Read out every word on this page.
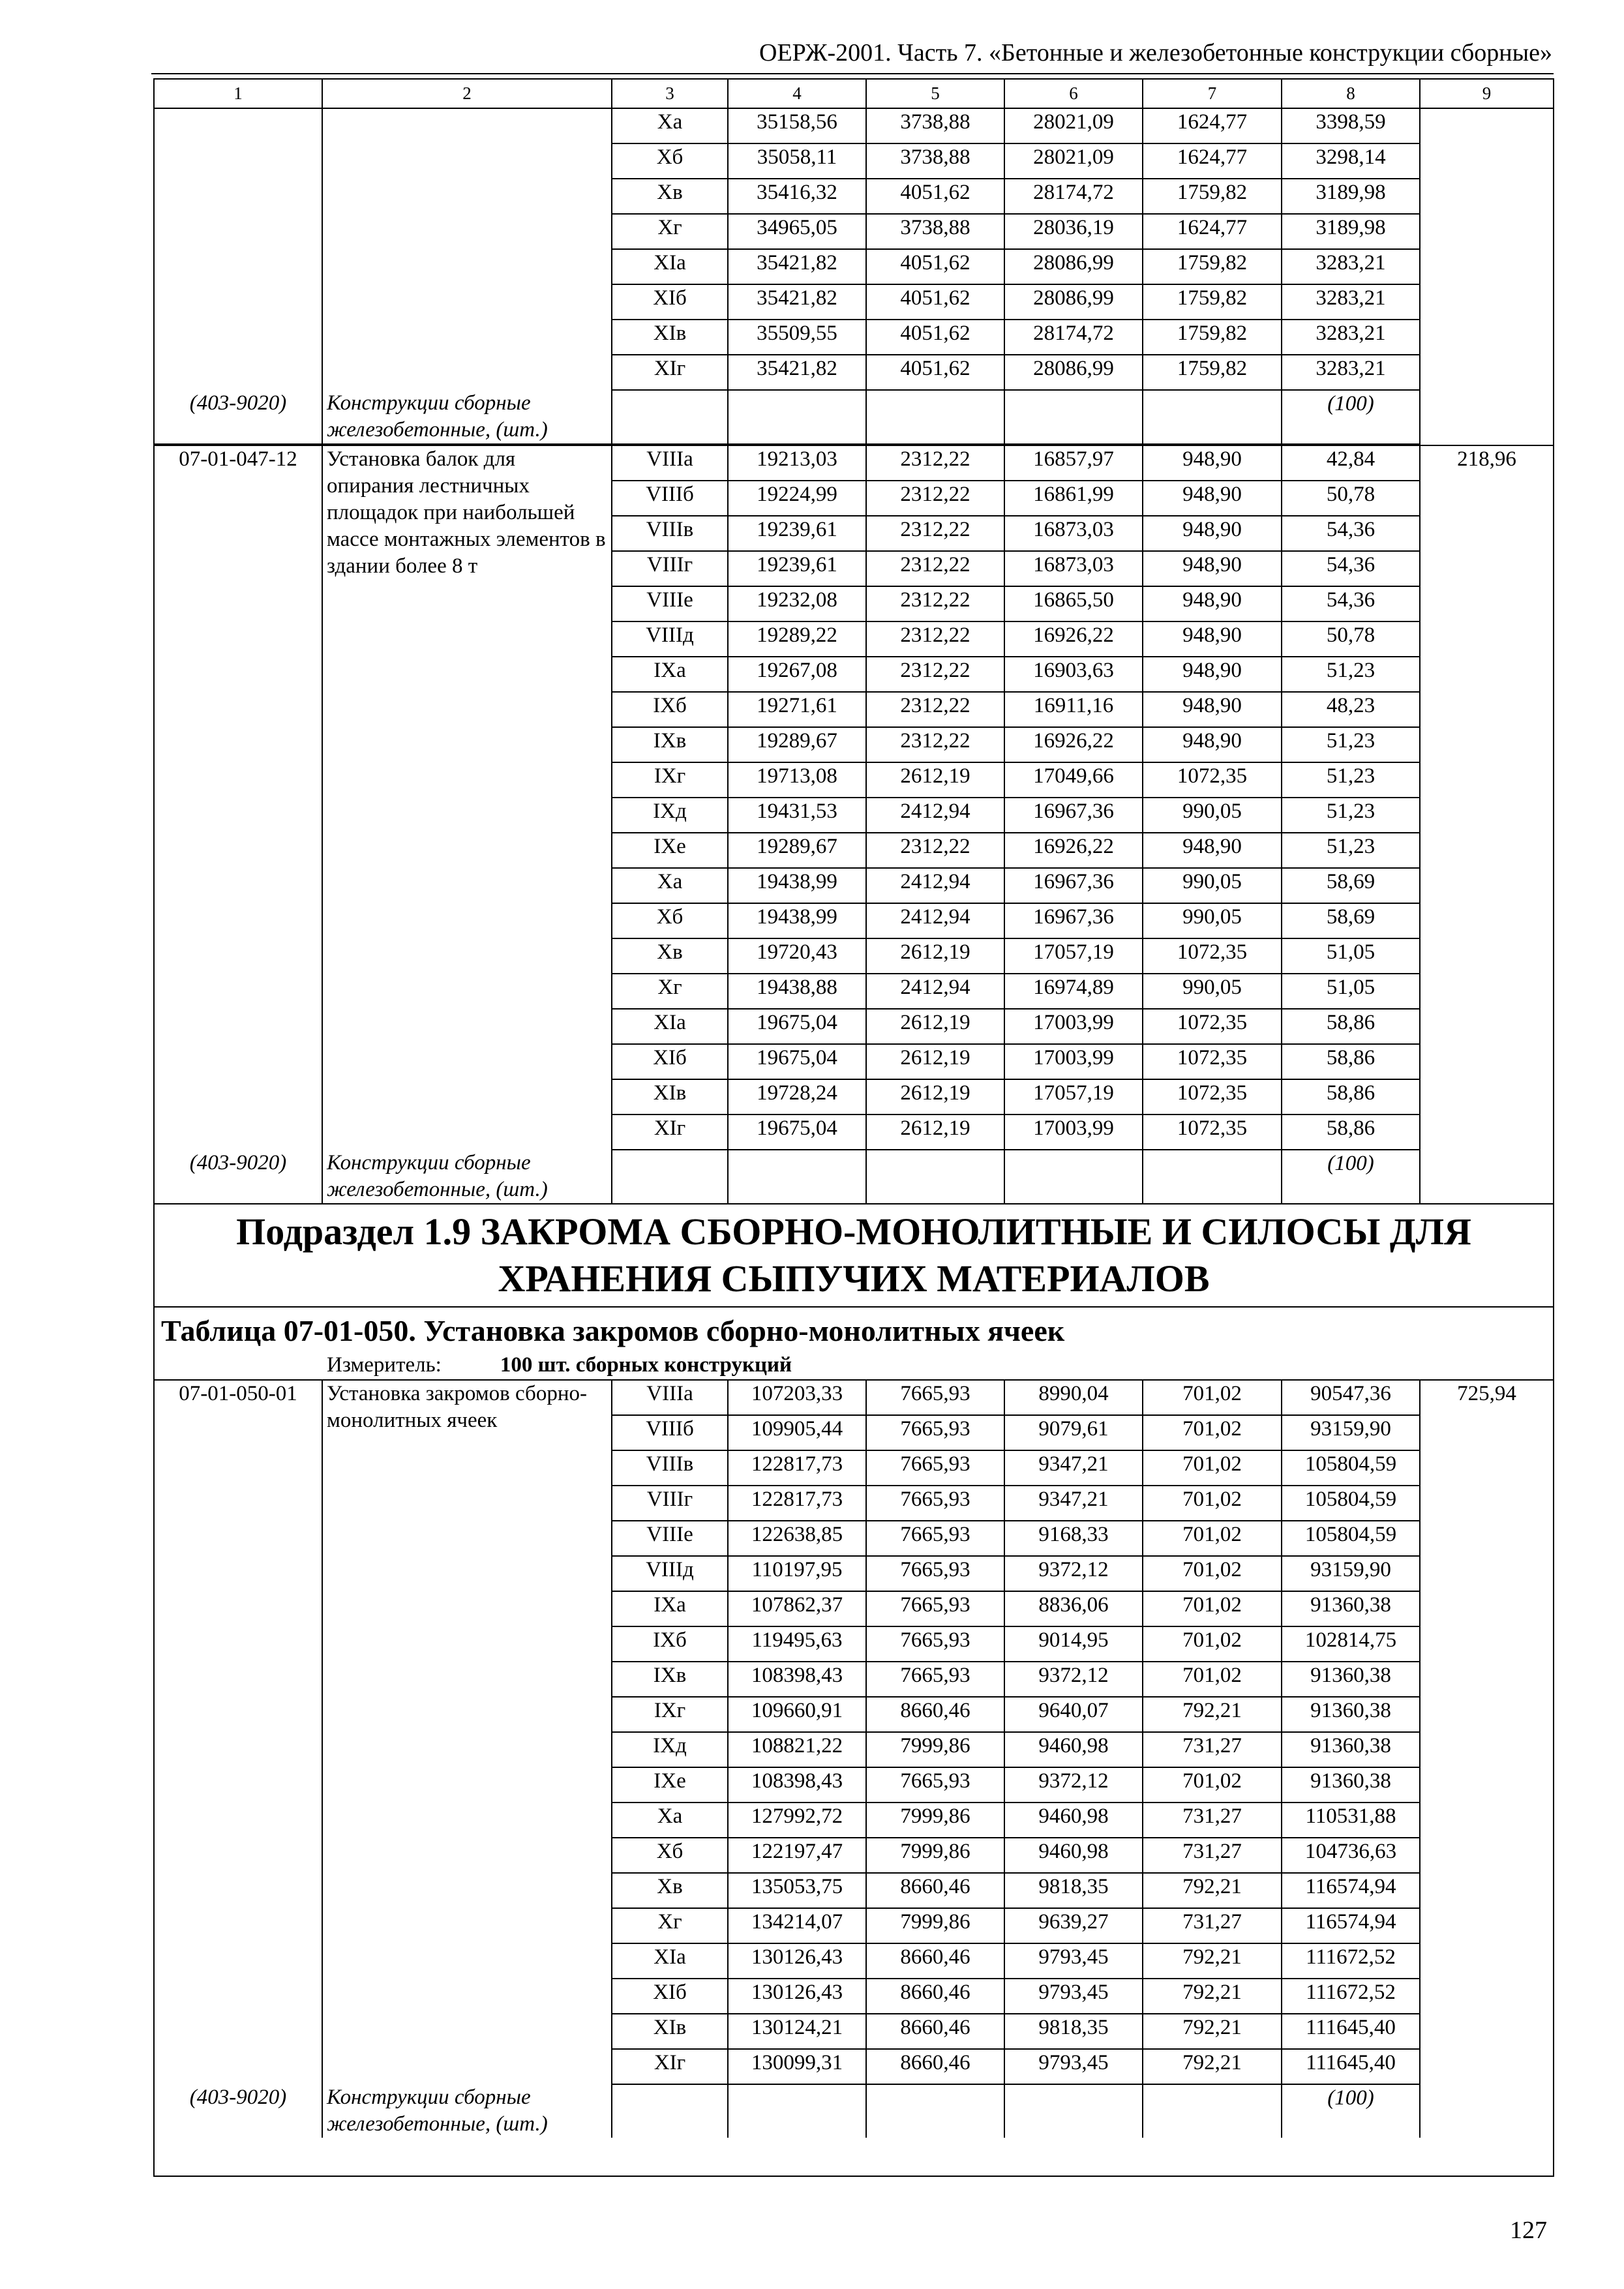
ОЕРЖ-2001. Часть 7. «Бетонные и железобетонные конструкции сборные»
1	2	3	4	5	6	7	8	9
		Xa	35158,56	3738,88	28021,09	1624,77	3398,59	
		Xб	35058,11	3738,88	28021,09	1624,77	3298,14	
		Xв	35416,32	4051,62	28174,72	1759,82	3189,98	
		Xг	34965,05	3738,88	28036,19	1624,77	3189,98	
		XIa	35421,82	4051,62	28086,99	1759,82	3283,21	
		XIб	35421,82	4051,62	28086,99	1759,82	3283,21	
		XIв	35509,55	4051,62	28174,72	1759,82	3283,21	
		XIг	35421,82	4051,62	28086,99	1759,82	3283,21	
(403-9020)	Конструкции сборные железобетонные, (шт.)						(100)	
07-01-047-12	Установка балок для опирания лестничных площадок при наибольшей массе монтажных элементов в здании более 8 т	VIIIa	19213,03	2312,22	16857,97	948,90	42,84	218,96
		VIIIб	19224,99	2312,22	16861,99	948,90	50,78	
		VIIIв	19239,61	2312,22	16873,03	948,90	54,36	
		VIIIг	19239,61	2312,22	16873,03	948,90	54,36	
		VIIIe	19232,08	2312,22	16865,50	948,90	54,36	
		VIIIд	19289,22	2312,22	16926,22	948,90	50,78	
		IXa	19267,08	2312,22	16903,63	948,90	51,23	
		IXб	19271,61	2312,22	16911,16	948,90	48,23	
		IXв	19289,67	2312,22	16926,22	948,90	51,23	
		IXг	19713,08	2612,19	17049,66	1072,35	51,23	
		IXд	19431,53	2412,94	16967,36	990,05	51,23	
		IXe	19289,67	2312,22	16926,22	948,90	51,23	
		Xa	19438,99	2412,94	16967,36	990,05	58,69	
		Xб	19438,99	2412,94	16967,36	990,05	58,69	
		Xв	19720,43	2612,19	17057,19	1072,35	51,05	
		Xг	19438,88	2412,94	16974,89	990,05	51,05	
		XIa	19675,04	2612,19	17003,99	1072,35	58,86	
		XIб	19675,04	2612,19	17003,99	1072,35	58,86	
		XIв	19728,24	2612,19	17057,19	1072,35	58,86	
		XIг	19675,04	2612,19	17003,99	1072,35	58,86	
(403-9020)	Конструкции сборные железобетонные, (шт.)						(100)	
Подраздел 1.9 ЗАКРОМА СБОРНО-МОНОЛИТНЫЕ И СИЛОСЫ ДЛЯ
ХРАНЕНИЯ СЫПУЧИХ МАТЕРИАЛОВ
Таблица 07-01-050. Установка закромов сборно-монолитных ячеек
Измеритель:	100 шт. сборных конструкций
07-01-050-01	Установка закромов сборно-монолитных ячеек	VIIIa	107203,33	7665,93	8990,04	701,02	90547,36	725,94
		VIIIб	109905,44	7665,93	9079,61	701,02	93159,90	
		VIIIв	122817,73	7665,93	9347,21	701,02	105804,59	
		VIIIг	122817,73	7665,93	9347,21	701,02	105804,59	
		VIIIe	122638,85	7665,93	9168,33	701,02	105804,59	
		VIIIд	110197,95	7665,93	9372,12	701,02	93159,90	
		IXa	107862,37	7665,93	8836,06	701,02	91360,38	
		IXб	119495,63	7665,93	9014,95	701,02	102814,75	
		IXв	108398,43	7665,93	9372,12	701,02	91360,38	
		IXг	109660,91	8660,46	9640,07	792,21	91360,38	
		IXд	108821,22	7999,86	9460,98	731,27	91360,38	
		IXe	108398,43	7665,93	9372,12	701,02	91360,38	
		Xa	127992,72	7999,86	9460,98	731,27	110531,88	
		Xб	122197,47	7999,86	9460,98	731,27	104736,63	
		Xв	135053,75	8660,46	9818,35	792,21	116574,94	
		Xг	134214,07	7999,86	9639,27	731,27	116574,94	
		XIa	130126,43	8660,46	9793,45	792,21	111672,52	
		XIб	130126,43	8660,46	9793,45	792,21	111672,52	
		XIв	130124,21	8660,46	9818,35	792,21	111645,40	
		XIг	130099,31	8660,46	9793,45	792,21	111645,40	
(403-9020)	Конструкции сборные железобетонные, (шт.)						(100)	
127
